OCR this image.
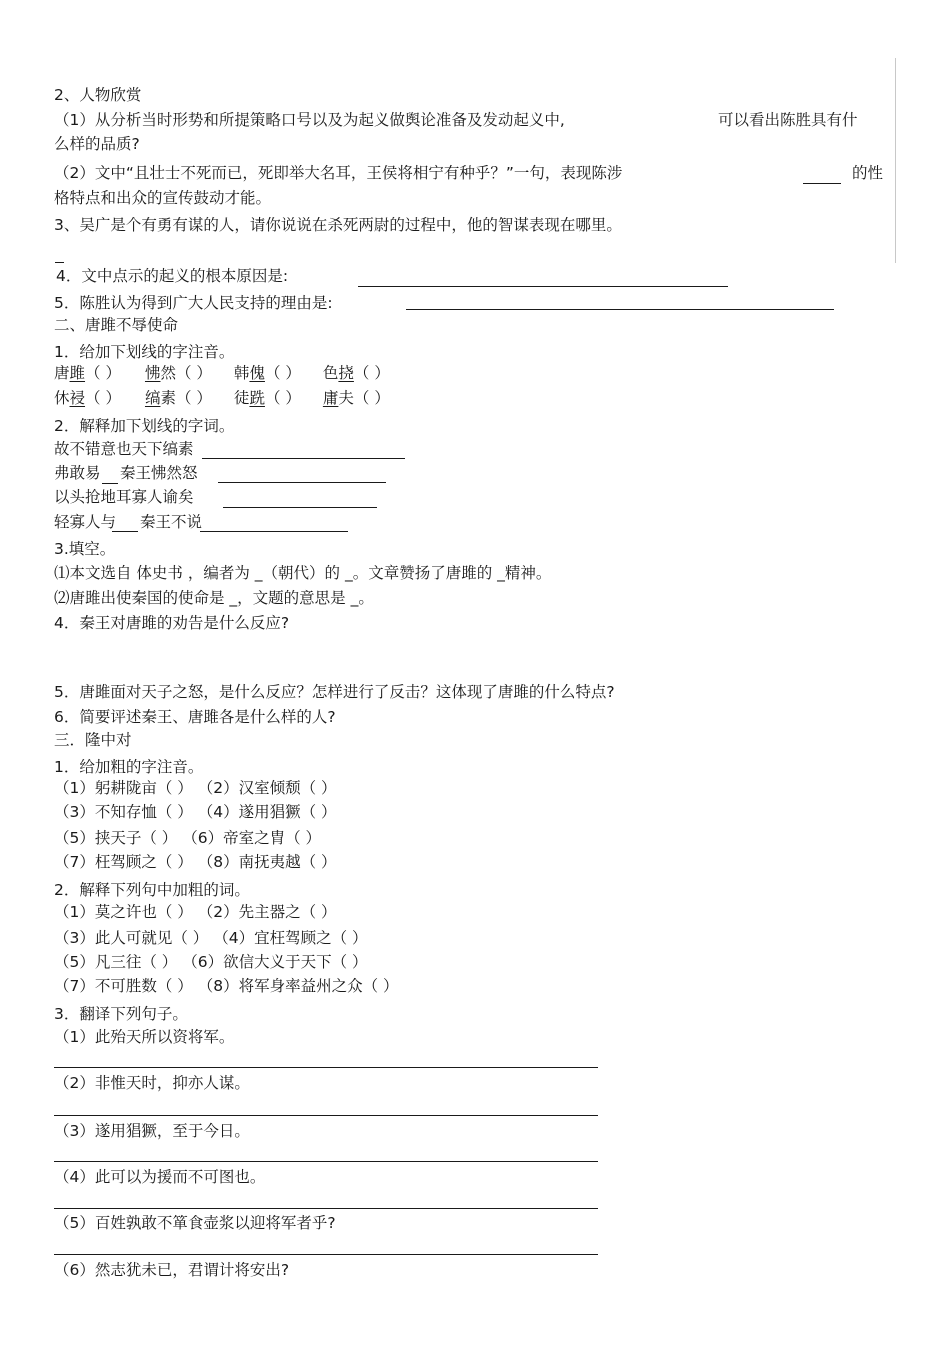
2、人物欣赏
（1）从分析当时形势和所提策略口号以及为起义做舆论准备及发动起义中,	可以看出陈胜具有什
么样的品质?
（2）文中“且壮士不死而已，死即举大名耳，王侯将相宁有种乎？”一句，表现陈涉	的性
格特点和出众的宣传鼓动才能。
3、吴广是个有勇有谋的人，请你说说在杀死两尉的过程中，他的智谋表现在哪里。
4．文中点示的起义的根本原因是:
5．陈胜认为得到广大人民支持的理由是:
二、唐雎不辱使命
1．给加下划线的字注音。
唐雎（ ） 怫然（ ） 韩傀（ ） 色挠（ ）
休祲（ ） 缟素（ ） 徒跣（ ） 庸夫（ ）
2．解释加下划线的字词。
故不错意也天下缟素
弗敢易 秦王怫然怒
以头抢地耳寡人谕矣
轻寡人与 秦王不说
3.填空。
⑴本文选自 体史书 ，编者为 _（朝代）的 _。文章赞扬了唐雎的 _精神。
⑵唐雎出使秦国的使命是 _，文题的意思是 _。
4．秦王对唐雎的劝告是什么反应?
5．唐雎面对天子之怒，是什么反应？怎样进行了反击？这体现了唐雎的什么特点?
6．简要评述秦王、唐雎各是什么样的人?
三．隆中对
1．给加粗的字注音。
（1）躬耕陇亩（ ） （2）汉室倾颓（ ）
（3）不知存恤（ ） （4）遂用猖獗（ ）
（5）挟天子（ ） （6）帝室之胄（ ）
（7）枉驾顾之（ ） （8）南抚夷越（ ）
2．解释下列句中加粗的词。
（1）莫之许也（ ） （2）先主器之（ ）
（3）此人可就见（ ） （4）宜枉驾顾之（ ）
（5）凡三往（ ） （6）欲信大义于天下（ ）
（7）不可胜数（ ） （8）将军身率益州之众（ ）
3．翻译下列句子。
（1）此殆天所以资将军。
（2）非惟天时，抑亦人谋。
（3）遂用猖獗，至于今日。
（4）此可以为援而不可图也。
（5）百姓孰敢不箪食壶浆以迎将军者乎?
（6）然志犹未已，君谓计将安出?
